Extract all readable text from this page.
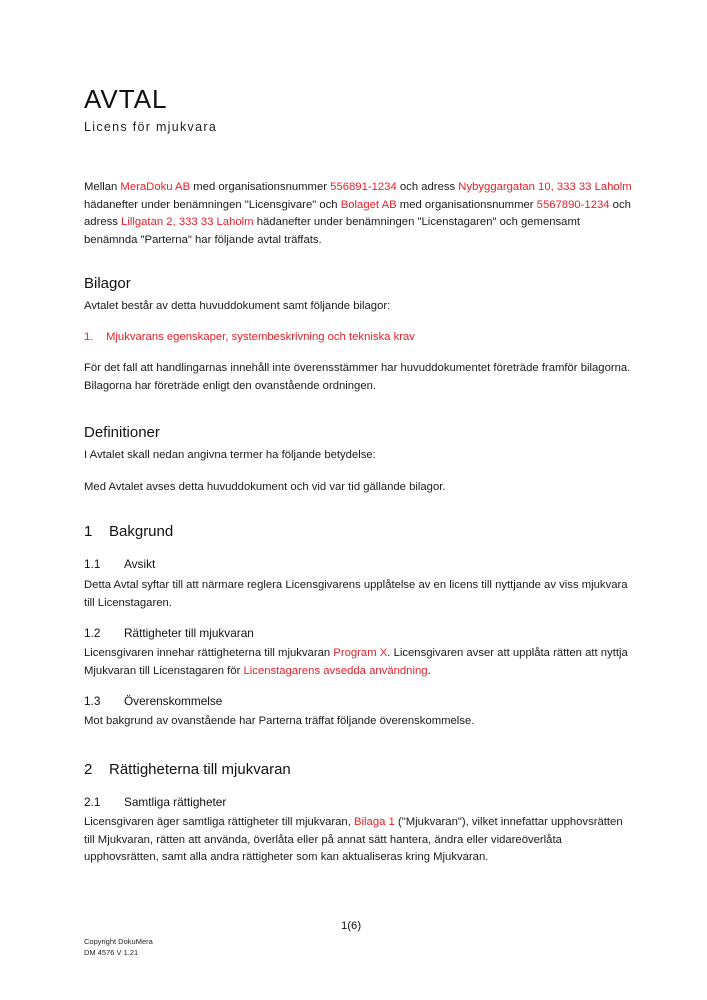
AVTAL
Licens för mjukvara
Mellan MeraDoku AB med organisationsnummer 556891-1234 och adress Nybyggargatan 10, 333 33 Laholm hädanefter under benämningen "Licensgivare" och Bolaget AB med organisationsnummer 5567890-1234 och adress Lillgatan 2, 333 33 Laholm hädanefter under benämningen "Licenstagaren" och gemensamt benämnda "Parterna" har följande avtal träffats.
Bilagor
Avtalet består av detta huvuddokument samt följande bilagor:
1. Mjukvarans egenskaper, systembeskrivning och tekniska krav
För det fall att handlingarnas innehåll inte överensstämmer har huvuddokumentet företräde framför bilagorna. Bilagorna har företräde enligt den ovanstående ordningen.
Definitioner
I Avtalet skall nedan angivna termer ha följande betydelse:
Med Avtalet avses detta huvuddokument och vid var tid gällande bilagor.
1 Bakgrund
1.1 Avsikt
Detta Avtal syftar till att närmare reglera Licensgivarens upplåtelse av en licens till nyttjande av viss mjukvara till Licenstagaren.
1.2 Rättigheter till mjukvaran
Licensgivaren innehar rättigheterna till mjukvaran Program X. Licensgivaren avser att upplåta rätten att nyttja Mjukvaran till Licenstagaren för Licenstagarens avsedda användning.
1.3 Överenskommelse
Mot bakgrund av ovanstående har Parterna träffat följande överenskommelse.
2 Rättigheterna till mjukvaran
2.1 Samtliga rättigheter
Licensgivaren äger samtliga rättigheter till mjukvaran, Bilaga 1 ("Mjukvaran"), vilket innefattar upphovsrätten till Mjukvaran, rätten att använda, överlåta eller på annat sätt hantera, ändra eller vidareöverlåta upphovsrätten, samt alla andra rättigheter som kan aktualiseras kring Mjukvaran.
1(6)
Copyright DokuMera
DM 4576 V 1.21
